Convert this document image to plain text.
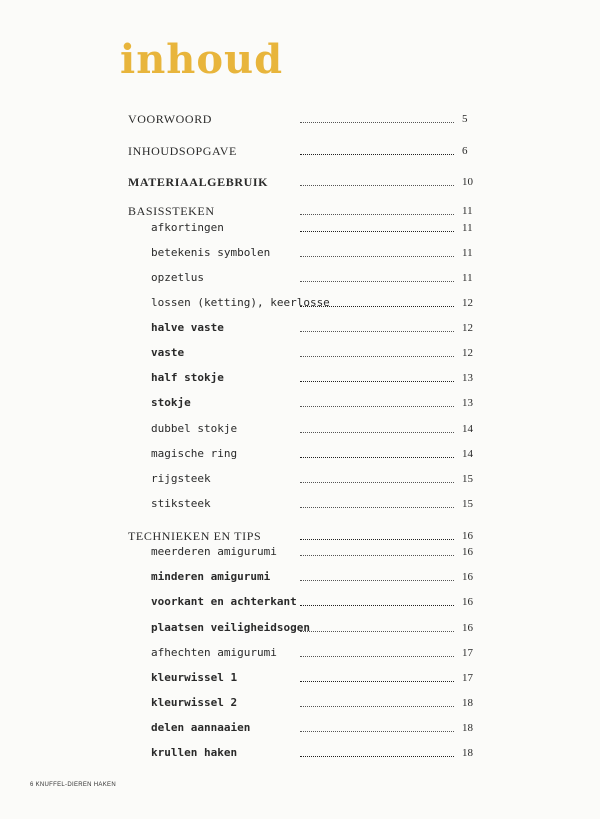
inhoud
VOORWOORD	5
INHOUDSOPGAVE	6
MATERIAALGEBRUIK	10
BASISSTEKEN	11
afkortingen	11
betekenis symbolen	11
opzetlus	11
lossen (ketting), keerlosse	12
halve vaste	12
vaste	12
half stokje	13
stokje	13
dubbel stokje	14
magische ring	14
rijgsteek	15
stiksteek	15
TECHNIEKEN EN TIPS	16
meerderen amigurumi	16
minderen amigurumi	16
voorkant en achterkant	16
plaatsen veiligheidsogen	16
afhechten amigurumi	17
kleurwissel 1	17
kleurwissel 2	18
delen aannaaien	18
krullen haken	18
6 KNUFFEL-DIEREN HAKEN
